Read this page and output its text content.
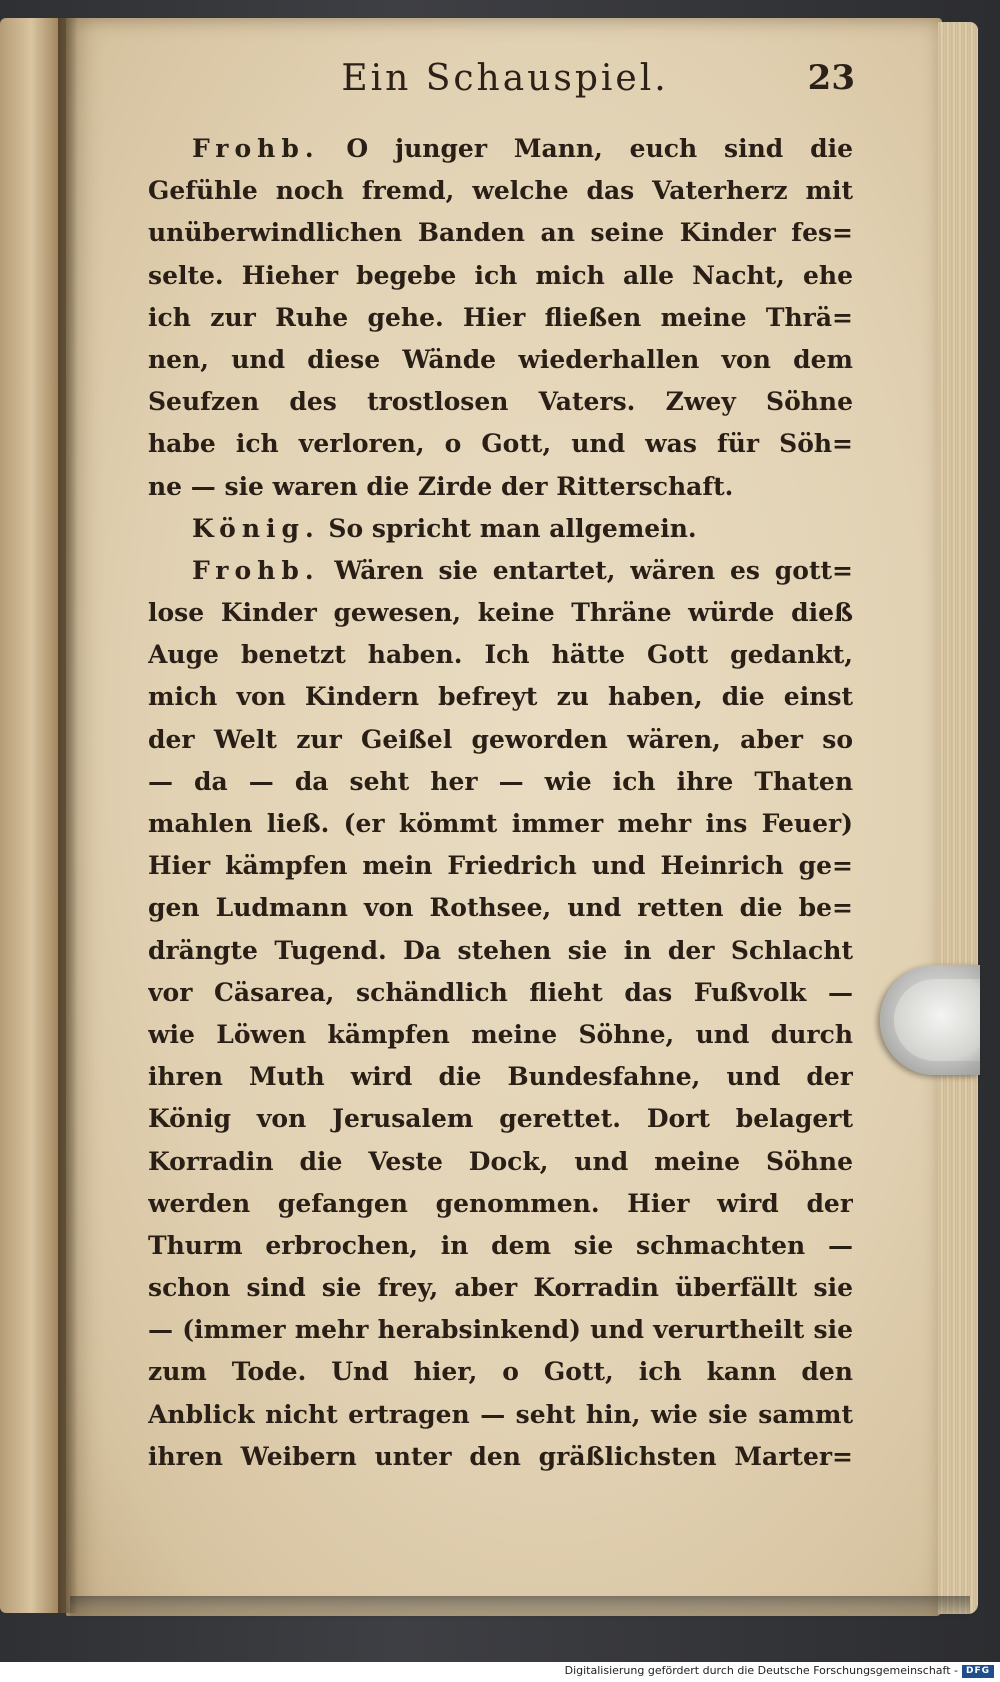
Ein Schauspiel.	23
Frohb. O junger Mann, euch sind die
Gefühle noch fremd, welche das Vaterherz mit
unüberwindlichen Banden an seine Kinder fes=
selte. Hieher begebe ich mich alle Nacht, ehe
ich zur Ruhe gehe. Hier fließen meine Thrä=
nen, und diese Wände wiederhallen von dem
Seufzen des trostlosen Vaters. Zwey Söhne
habe ich verloren, o Gott, und was für Söh=
ne — sie waren die Zirde der Ritterschaft.
König. So spricht man allgemein.
Frohb. Wären sie entartet, wären es gott=
lose Kinder gewesen, keine Thräne würde dieß
Auge benetzt haben. Ich hätte Gott gedankt,
mich von Kindern befreyt zu haben, die einst
der Welt zur Geißel geworden wären, aber so
— da — da seht her — wie ich ihre Thaten
mahlen ließ. (er kömmt immer mehr ins Feuer)
Hier kämpfen mein Friedrich und Heinrich ge=
gen Ludmann von Rothsee, und retten die be=
drängte Tugend. Da stehen sie in der Schlacht
vor Cäsarea, schändlich flieht das Fußvolk —
wie Löwen kämpfen meine Söhne, und durch
ihren Muth wird die Bundesfahne, und der
König von Jerusalem gerettet. Dort belagert
Korradin die Veste Dock, und meine Söhne
werden gefangen genommen. Hier wird der
Thurm erbrochen, in dem sie schmachten —
schon sind sie frey, aber Korradin überfällt sie
— (immer mehr herabsinkend) und verurtheilt sie
zum Tode. Und hier, o Gott, ich kann den
Anblick nicht ertragen — seht hin, wie sie sammt
ihren Weibern unter den gräßlichsten Marter=
Digitalisierung gefördert durch die Deutsche Forschungsgemeinschaft - DFG
